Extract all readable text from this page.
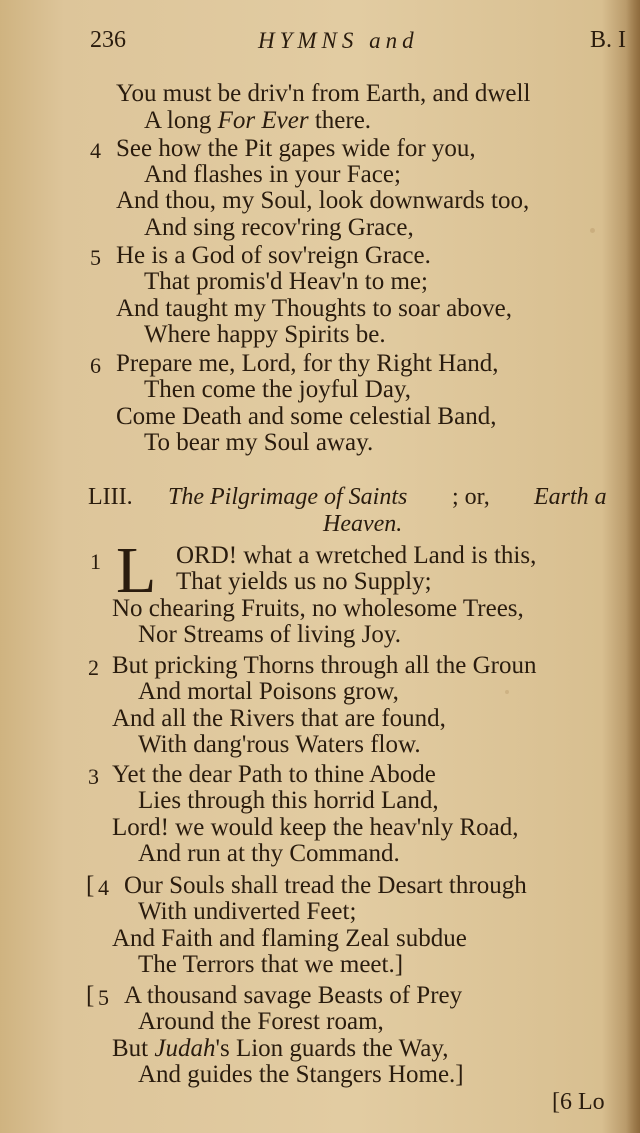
236	HYMNS and	B. I
You must be driv'n from Earth, and dwell
A long For Ever there.
4 See how the Pit gapes wide for you,
And flashes in your Face;
And thou, my Soul, look downwards too,
And sing recov'ring Grace,
5 He is a God of sov'reign Grace.
That promis'd Heav'n to me;
And taught my Thoughts to soar above,
Where happy Spirits be.
6 Prepare me, Lord, for thy Right Hand,
Then come the joyful Day,
Come Death and some celestial Band,
To bear my Soul away.
LIII. The Pilgrimage of Saints ; or, Earth a
Heaven.
1 L ORD! what a wretched Land is this,
That yields us no Supply;
No chearing Fruits, no wholesome Trees,
Nor Streams of living Joy.
2 But pricking Thorns through all the Groun
And mortal Poisons grow,
And all the Rivers that are found,
With dang'rous Waters flow.
3 Yet the dear Path to thine Abode
Lies through this horrid Land,
Lord! we would keep the heav'nly Road,
And run at thy Command.
[ 4 Our Souls shall tread the Desart through
With undiverted Feet;
And Faith and flaming Zeal subdue
The Terrors that we meet.]
[ 5 A thousand savage Beasts of Prey
Around the Forest roam,
But Judah's Lion guards the Way,
And guides the Stangers Home.]
[6 Lo
